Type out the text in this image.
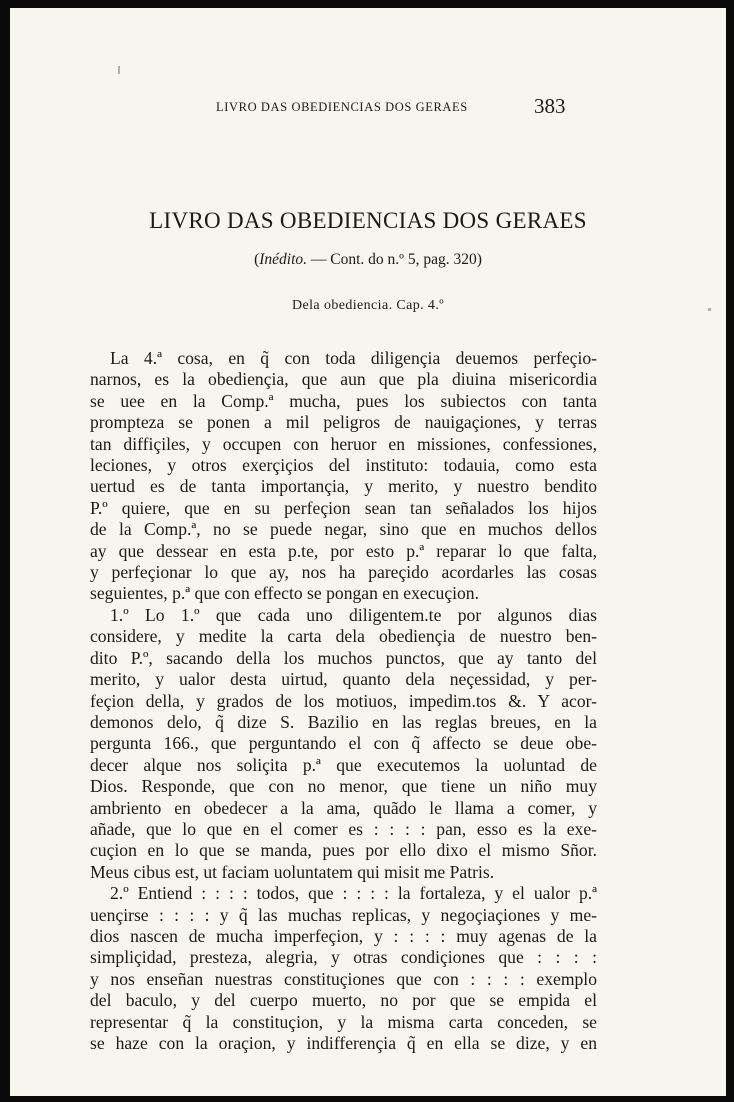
LIVRO DAS OBEDIENCIAS DOS GERAES	383
LIVRO DAS OBEDIENCIAS DOS GERAES
(Inédito. — Cont. do n.º 5, pag. 320)
Dela obediencia. Cap. 4.º
La 4.ª cosa, en q̃ con toda diligençia deuemos perfeçio-
narnos, es la obediençia, que aun que pla diuina misericordia
se uee en la Comp.ª mucha, pues los subiectos con tanta
prompteza se ponen a mil peligros de nauigaçiones, y terras
tan diffiçiles, y occupen con heruor en missiones, confessiones,
leciones, y otros exerçiçios del instituto: todauia, como esta
uertud es de tanta importançia, y merito, y nuestro bendito
P.º quiere, que en su perfeçion sean tan señalados los hijos
de la Comp.ª, no se puede negar, sino que en muchos dellos
ay que dessear en esta p.te, por esto p.ª reparar lo que falta,
y perfeçionar lo que ay, nos ha pareçido acordarles las cosas
seguientes, p.ª que con effecto se pongan en execuçion.
1.º Lo 1.º que cada uno diligentem.te por algunos dias
considere, y medite la carta dela obediençia de nuestro ben-
dito P.º, sacando della los muchos punctos, que ay tanto del
merito, y ualor desta uirtud, quanto dela neçessidad, y per-
feçion della, y grados de los motiuos, impedim.tos &. Y acor-
demonos delo, q̃ dize S. Bazilio en las reglas breues, en la
pergunta 166., que perguntando el con q̃ affecto se deue obe-
decer alque nos soliçita p.ª que executemos la uoluntad de
Dios. Responde, que con no menor, que tiene un niño muy
ambriento en obedecer a la ama, quãdo le llama a comer, y
añade, que lo que en el comer es : : : : pan, esso es la exe-
cuçion en lo que se manda, pues por ello dixo el mismo Sñor.
Meus cibus est, ut faciam uoluntatem qui misit me Patris.
2.º Entiend : : : : todos, que : : : : la fortaleza, y el ualor p.ª
uençirse : : : : y q̃ las muchas replicas, y negoçiaçiones y me-
dios nascen de mucha imperfeçion, y : : : : muy agenas de la
simpliçidad, presteza, alegria, y otras condiçiones que : : : :
y nos enseñan nuestras constituçiones que con : : : : exemplo
del baculo, y del cuerpo muerto, no por que se empida el
representar q̃ la constituçion, y la misma carta conceden, se
se haze con la oraçion, y indifferençia q̃ en ella se dize, y en
